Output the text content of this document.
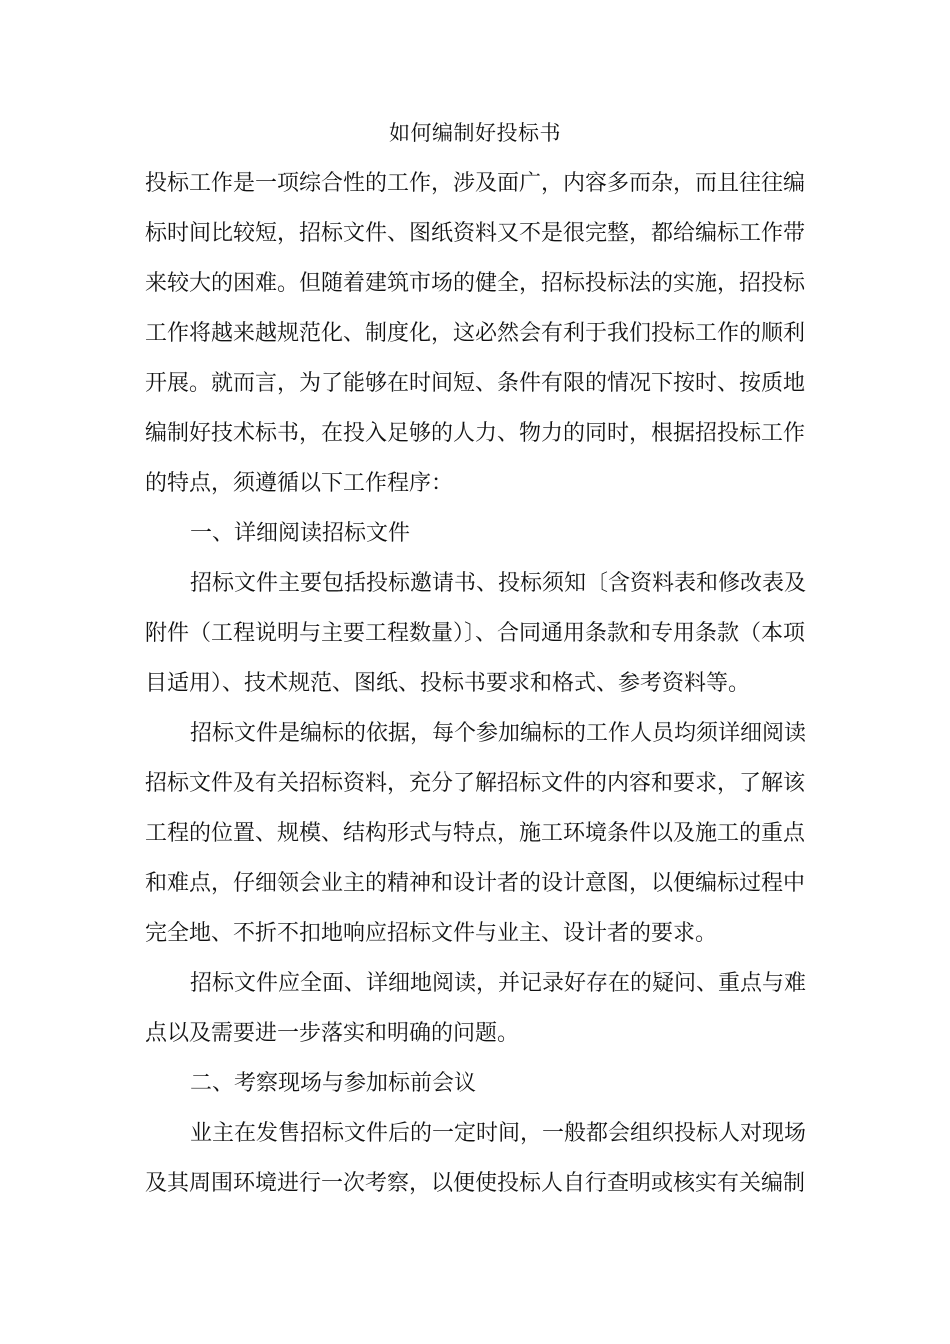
如何编制好投标书
投标工作是一项综合性的工作，涉及面广，内容多而杂，而且往往编
标时间比较短，招标文件、图纸资料又不是很完整，都给编标工作带
来较大的困难。但随着建筑市场的健全，招标投标法的实施，招投标
工作将越来越规范化、制度化，这必然会有利于我们投标工作的顺利
开展。就而言，为了能够在时间短、条件有限的情况下按时、按质地
编制好技术标书，在投入足够的人力、物力的同时，根据招投标工作
的特点，须遵循以下工作程序：
一、详细阅读招标文件
招标文件主要包括投标邀请书、投标须知〔含资料表和修改表及
附件（工程说明与主要工程数量）〕、合同通用条款和专用条款（本项
目适用）、技术规范、图纸、投标书要求和格式、参考资料等。
招标文件是编标的依据，每个参加编标的工作人员均须详细阅读
招标文件及有关招标资料，充分了解招标文件的内容和要求，了解该
工程的位置、规模、结构形式与特点，施工环境条件以及施工的重点
和难点，仔细领会业主的精神和设计者的设计意图，以便编标过程中
完全地、不折不扣地响应招标文件与业主、设计者的要求。
招标文件应全面、详细地阅读，并记录好存在的疑问、重点与难
点以及需要进一步落实和明确的问题。
二、考察现场与参加标前会议
业主在发售招标文件后的一定时间，一般都会组织投标人对现场
及其周围环境进行一次考察，以便使投标人自行查明或核实有关编制
